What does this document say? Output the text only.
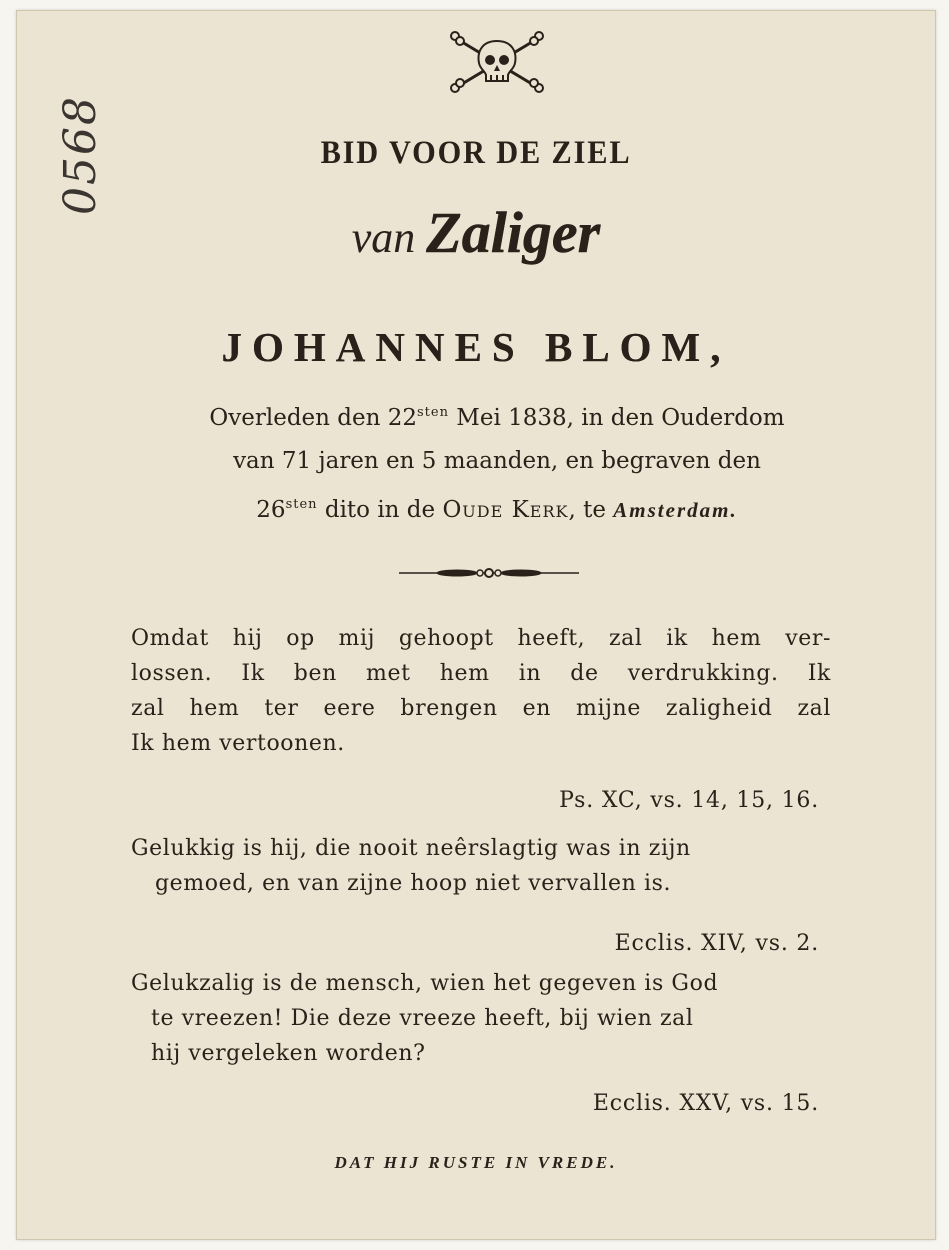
0568	BID VOOR DE ZIEL
van Zaliger
JOHANNES BLOM,
Overleden den $22^{sten}$ Mei 1838, in den Ouderdom
van 71 jaren en 5 maanden, en begraven den
$26^{sten}$ dito in de Oude Kerk, te Amsterdam.
Omdat hij op mij gehoopt heeft, zal ik hem ver-
lossen. Ik ben met hem in de verdrukking. Ik
zal hem ter eere brengen en mijne zaligheid zal
Ik hem vertoonen.
Ps. XC, vs. 14, 15, 16.
Gelukkig is hij, die nooit neêrslagtig was in zijn
gemoed, en van zijne hoop niet vervallen is.
Ecclis. XIV, vs. 2.
Gelukzalig is de mensch, wien het gegeven is God
te vreezen! Die deze vreeze heeft, bij wien zal
hij vergeleken worden?
Ecclis. XXV, vs. 15.
DAT HIJ RUSTE IN VREDE.
